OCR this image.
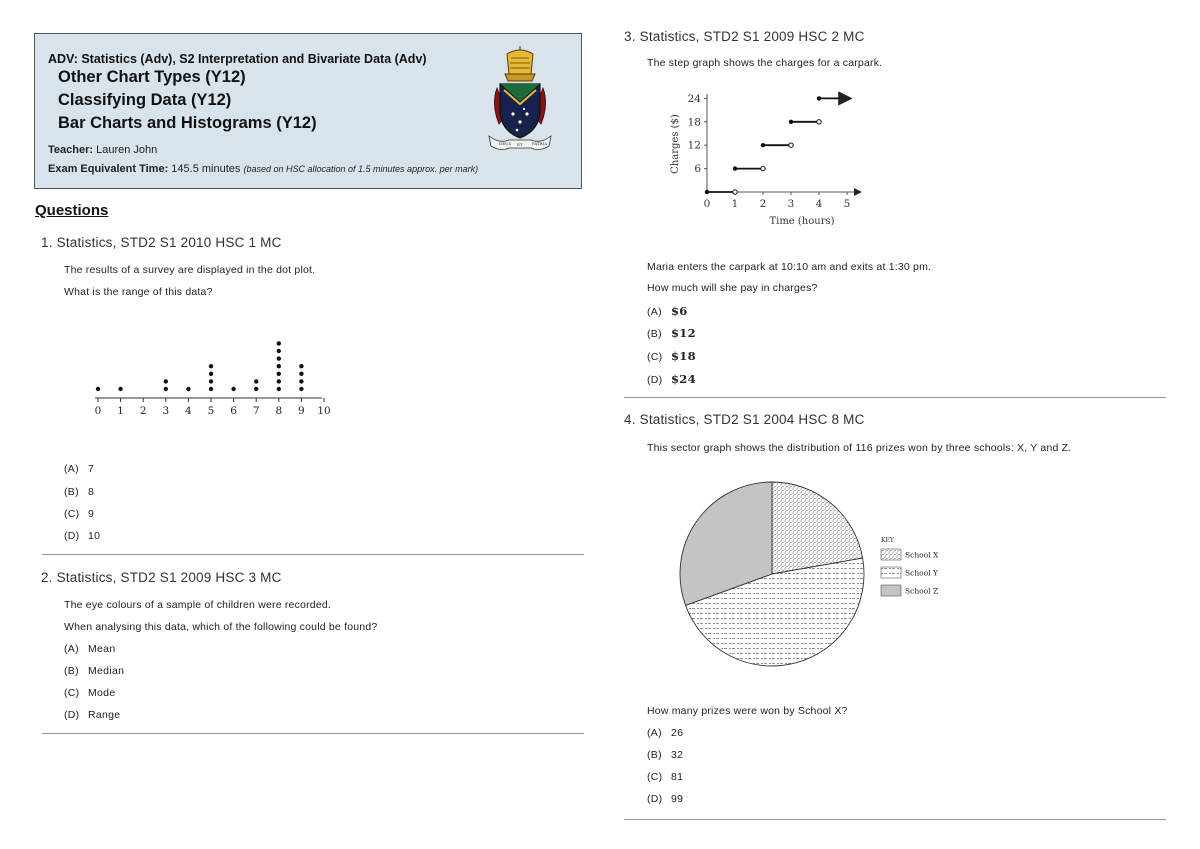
ADV: Statistics (Adv), S2 Interpretation and Bivariate Data (Adv)
Other Chart Types (Y12)
Classifying Data (Y12)
Bar Charts and Histograms (Y12)
Teacher: Lauren John
Exam Equivalent Time: 145.5 minutes (based on HSC allocation of 1.5 minutes approx. per mark)
DEUS ET PATRIA
Questions
1. Statistics, STD2 S1 2010 HSC 1 MC
The results of a survey are displayed in the dot plot.
What is the range of this data?
0 1 2 3 4 5 6 7 8 9 10
(A) 7
(B) 8
(C) 9
(D) 10
2. Statistics, STD2 S1 2009 HSC 3 MC
The eye colours of a sample of children were recorded.
When analysing this data, which of the following could be found?
(A) Mean
(B) Median
(C) Mode
(D) Range
3. Statistics, STD2 S1 2009 HSC 2 MC
The step graph shows the charges for a carpark.
0 1 2 3 4 5
6
12
18
24
Time (hours)
Charges ($)
Maria enters the carpark at 10:10 am and exits at 1:30 pm.
How much will she pay in charges?
(A) $6
(B) $12
(C) $18
(D) $24
4. Statistics, STD2 S1 2004 HSC 8 MC
This sector graph shows the distribution of 116 prizes won by three schools: X, Y and Z.
KEY
School X
School Y
School Z
How many prizes were won by School X?
(A) 26
(B) 32
(C) 81
(D) 99
